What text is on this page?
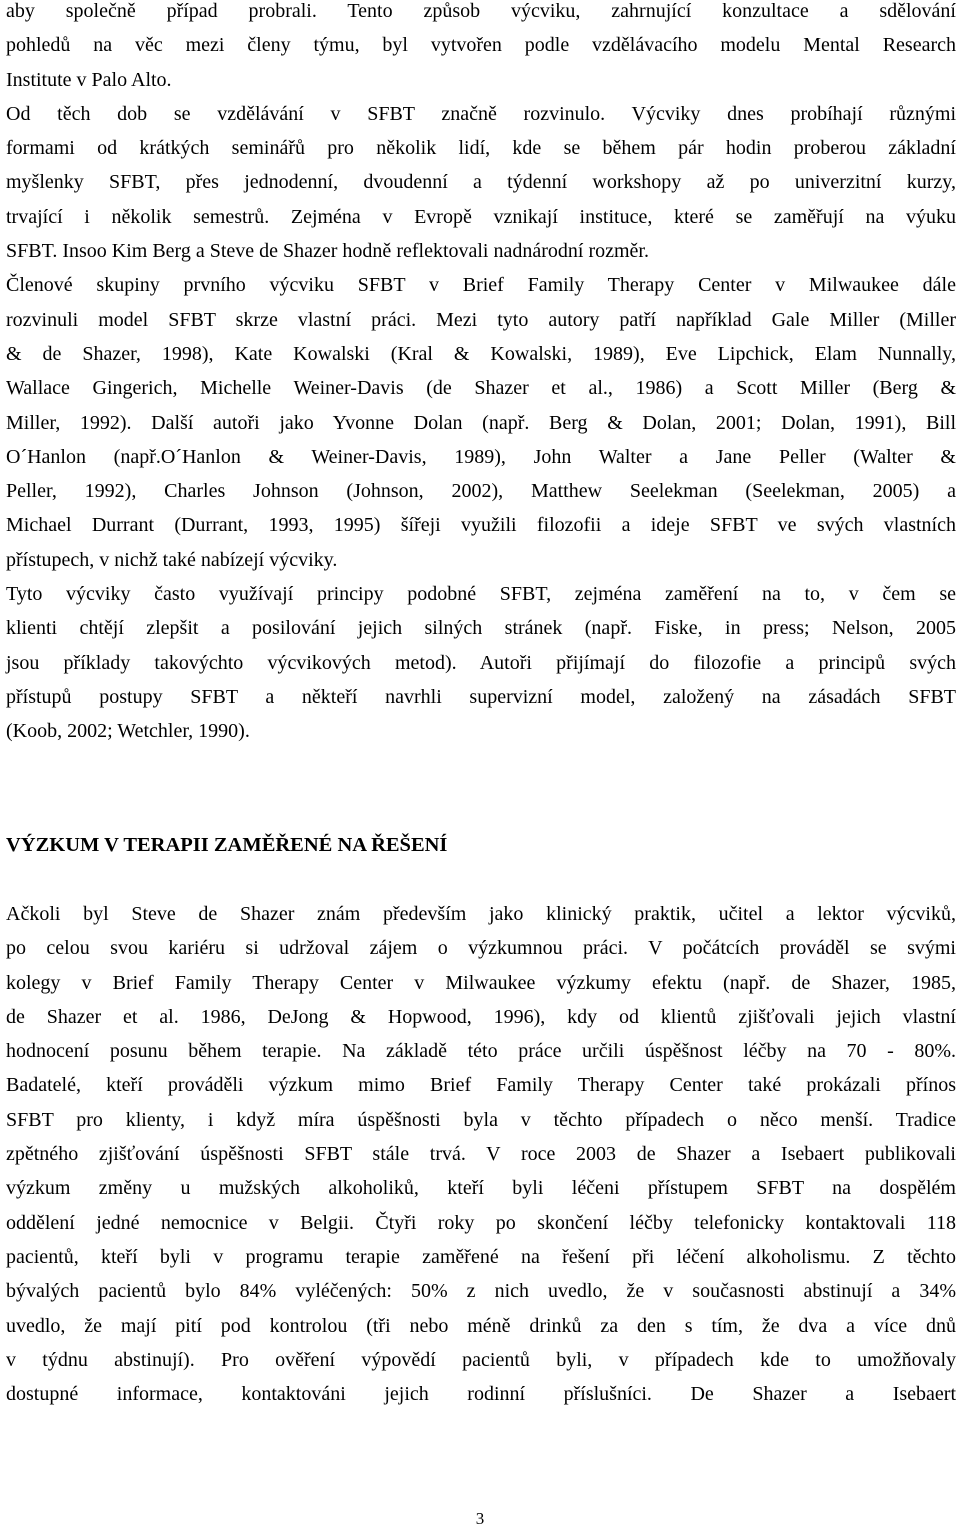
aby společně případ probrali. Tento způsob výcviku, zahrnující konzultace a sdělování
pohledů na věc mezi členy týmu, byl vytvořen podle vzdělávacího modelu Mental Research
Institute v Palo Alto.
Od těch dob se vzdělávání v SFBT značně rozvinulo. Výcviky dnes probíhají různými
formami od krátkých seminářů pro několik lidí, kde se během pár hodin proberou základní
myšlenky SFBT, přes jednodenní, dvoudenní a týdenní workshopy až po univerzitní kurzy,
trvající i několik semestrů. Zejména v Evropě vznikají instituce, které se zaměřují na výuku
SFBT. Insoo Kim Berg a Steve de Shazer hodně reflektovali nadnárodní rozměr.
Členové skupiny prvního výcviku SFBT v Brief Family Therapy Center v Milwaukee dále
rozvinuli model SFBT skrze vlastní práci. Mezi tyto autory patří například Gale Miller (Miller
& de Shazer, 1998), Kate Kowalski (Kral & Kowalski, 1989), Eve Lipchick, Elam Nunnally,
Wallace Gingerich, Michelle Weiner-Davis (de Shazer et al., 1986) a Scott Miller (Berg &
Miller, 1992). Další autoři jako Yvonne Dolan (např. Berg & Dolan, 2001; Dolan, 1991), Bill
O´Hanlon (např.O´Hanlon & Weiner-Davis, 1989), John Walter a Jane Peller (Walter &
Peller, 1992), Charles Johnson (Johnson, 2002), Matthew Seelekman (Seelekman, 2005) a
Michael Durrant (Durrant, 1993, 1995) šířeji využili filozofii a ideje SFBT ve svých vlastních
přístupech, v nichž také nabízejí výcviky.
Tyto výcviky často využívají principy podobné SFBT, zejména zaměření na to, v čem se
klienti chtějí zlepšit a posilování jejich silných stránek (např. Fiske, in press; Nelson, 2005
jsou příklady takovýchto výcvikových metod). Autoři přijímají do filozofie a principů svých
přístupů postupy SFBT a někteří navrhli supervizní model, založený na zásadách SFBT
(Koob, 2002; Wetchler, 1990).
VÝZKUM V TERAPII ZAMĚŘENÉ NA ŘEŠENÍ
Ačkoli byl Steve de Shazer znám především jako klinický praktik, učitel a lektor výcviků,
po celou svou kariéru si udržoval zájem o výzkumnou práci. V počátcích prováděl se svými
kolegy v Brief Family Therapy Center v Milwaukee výzkumy efektu (např. de Shazer, 1985,
de Shazer et al. 1986, DeJong & Hopwood, 1996), kdy od klientů zjišťovali jejich vlastní
hodnocení posunu během terapie. Na základě této práce určili úspěšnost léčby na 70 - 80%.
Badatelé, kteří prováděli výzkum mimo Brief Family Therapy Center také prokázali přínos
SFBT pro klienty, i když míra úspěšnosti byla v těchto případech o něco menší. Tradice
zpětného zjišťování úspěšnosti SFBT stále trvá. V roce 2003 de Shazer a Isebaert publikovali
výzkum změny u mužských alkoholiků, kteří byli léčeni přístupem SFBT na dospělém
oddělení jedné nemocnice v Belgii. Čtyři roky po skončení léčby telefonicky kontaktovali 118
pacientů, kteří byli v programu terapie zaměřené na řešení při léčení alkoholismu. Z těchto
bývalých pacientů bylo 84% vyléčených: 50% z nich uvedlo, že v současnosti abstinují a 34%
uvedlo, že mají pití pod kontrolou (tři nebo méně drinků za den s tím, že dva a více dnů
v týdnu abstinují). Pro ověření výpovědí pacientů byli, v případech kde to umožňovaly
dostupné informace, kontaktováni jejich rodinní příslušníci. De Shazer a Isebaert
3
